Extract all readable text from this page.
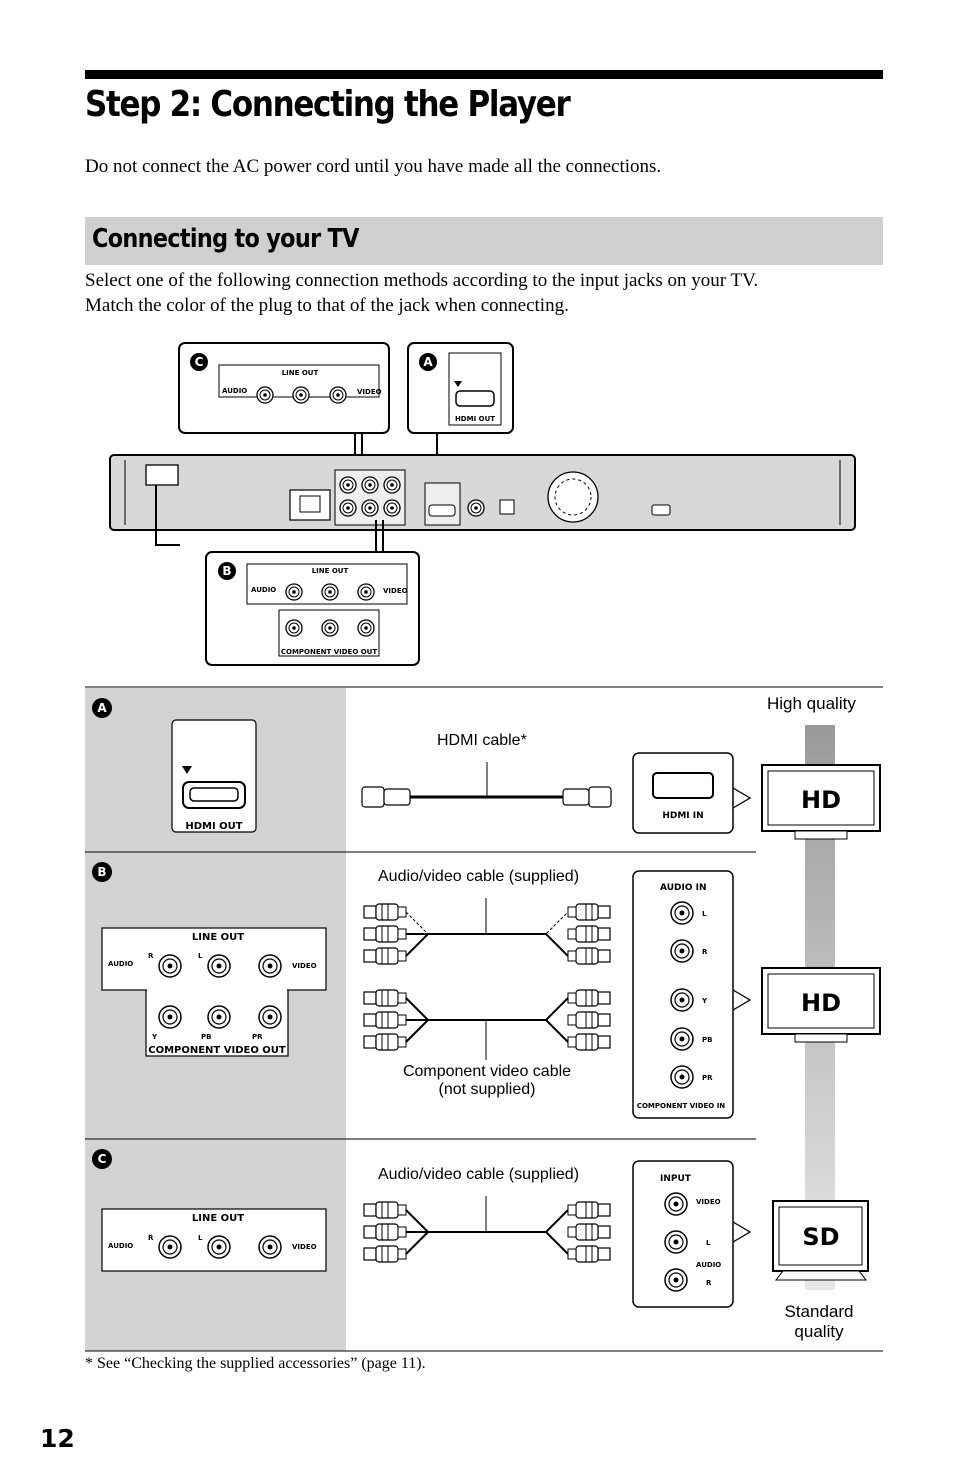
Step 2: Connecting the Player
Do not connect the AC power cord until you have made all the connections.
Connecting to your TV
Select one of the following connection methods according to the input jacks on your TV.
Match the color of the plug to that of the jack when connecting.
C
LINE OUT
AUDIO	VIDEO
A
HDMI OUT
B	LINE OUT
AUDIO	VIDEO
COMPONENT VIDEO OUT
A
HDMI OUT
HDMI IN
HD
B
LINE OUT
AUDIO
R	L
VIDEO
Y	PB	PR
COMPONENT VIDEO OUT
AUDIO IN
L
R
Y
PB
PR
COMPONENT VIDEO IN
HD
C
LINE OUT
AUDIO
R	L
VIDEO
INPUT
VIDEO
L
AUDIO
R
SD
HDMI cable*
Audio/video cable (supplied)
Component video cable
(not supplied)
Audio/video cable (supplied)
High quality
Standard
quality
* See “Checking the supplied accessories” (page 11).
12
